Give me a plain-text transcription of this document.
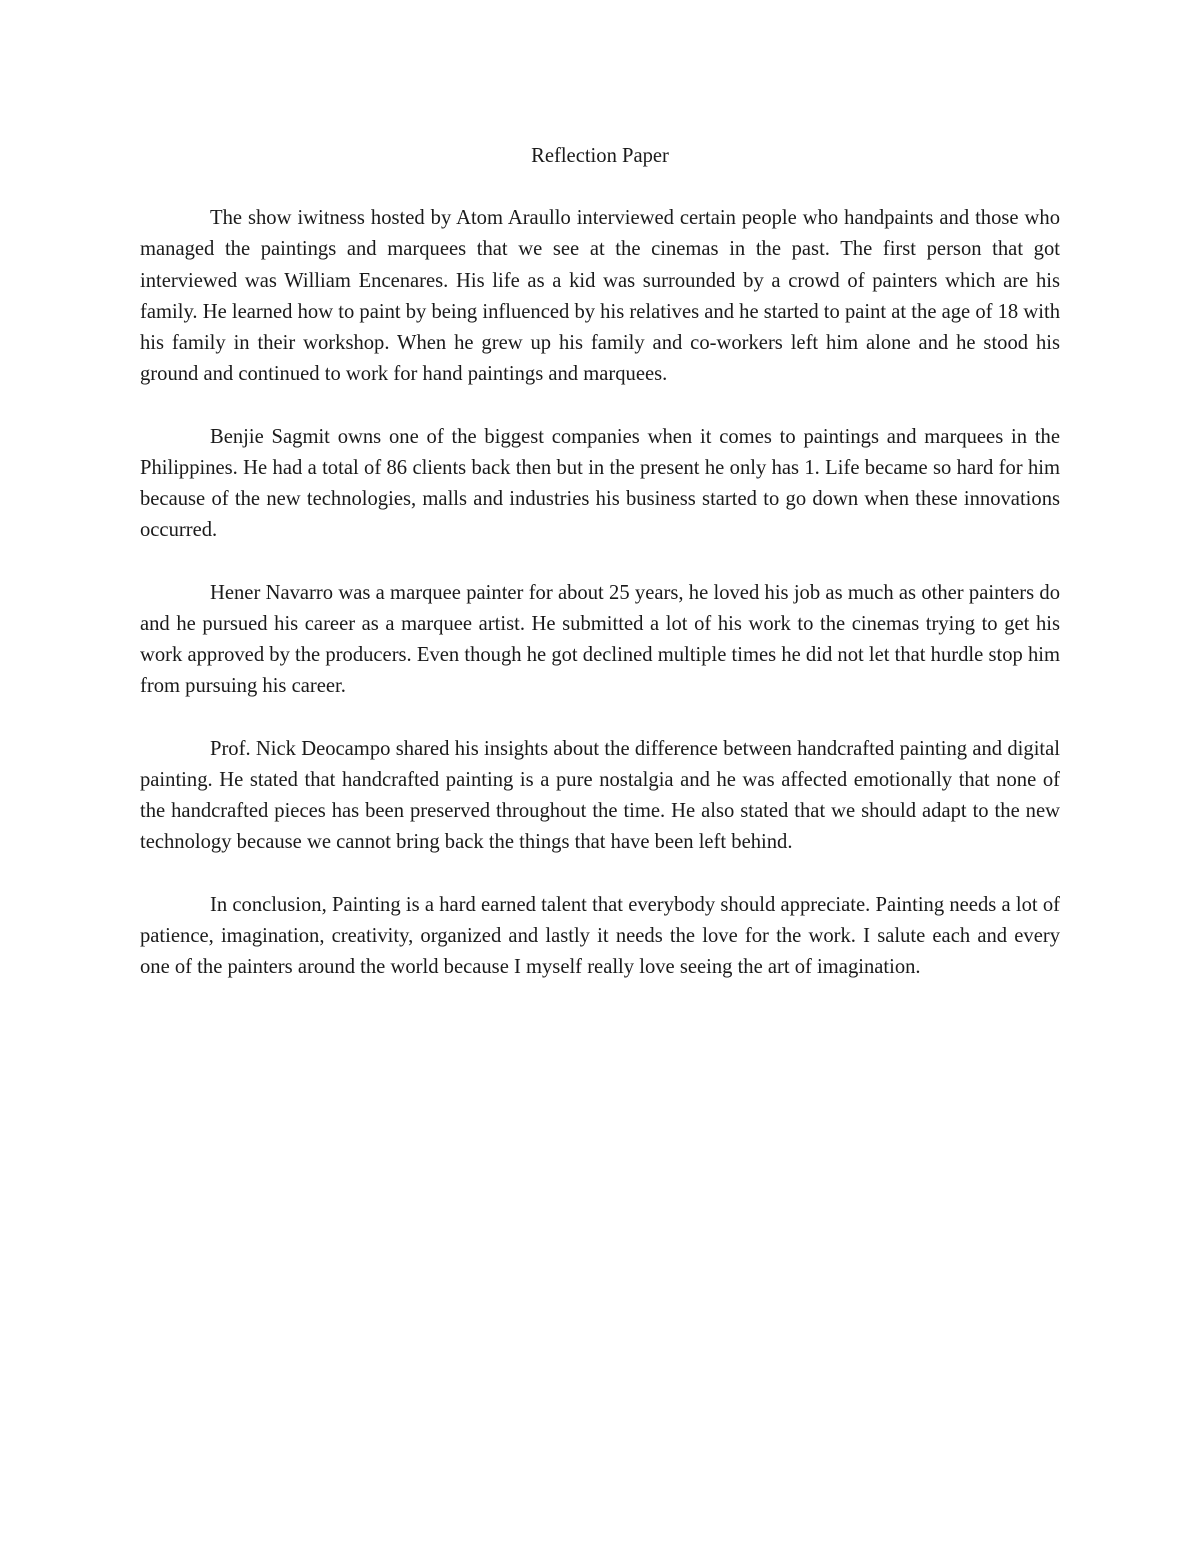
Reflection Paper

The show iwitness hosted by Atom Araullo interviewed certain people who handpaints and those who managed the paintings and marquees that we see at the cinemas in the past. The first person that got interviewed was William Encenares. His life as a kid was surrounded by a crowd of painters which are his family. He learned how to paint by being influenced by his relatives and he started to paint at the age of 18 with his family in their workshop. When he grew up his family and co-workers left him alone and he stood his ground and continued to work for hand paintings and marquees.

Benjie Sagmit owns one of the biggest companies when it comes to paintings and marquees in the Philippines. He had a total of 86 clients back then but in the present he only has 1. Life became so hard for him because of the new technologies, malls and industries his business started to go down when these innovations occurred.

Hener Navarro was a marquee painter for about 25 years, he loved his job as much as other painters do and he pursued his career as a marquee artist. He submitted a lot of his work to the cinemas trying to get his work approved by the producers. Even though he got declined multiple times he did not let that hurdle stop him from pursuing his career.

Prof. Nick Deocampo shared his insights about the difference between handcrafted painting and digital painting. He stated that handcrafted painting is a pure nostalgia and he was affected emotionally that none of the handcrafted pieces has been preserved throughout the time. He also stated that we should adapt to the new technology because we cannot bring back the things that have been left behind.

In conclusion, Painting is a hard earned talent that everybody should appreciate. Painting needs a lot of patience, imagination, creativity, organized and lastly it needs the love for the work. I salute each and every one of the painters around the world because I myself really love seeing the art of imagination.
